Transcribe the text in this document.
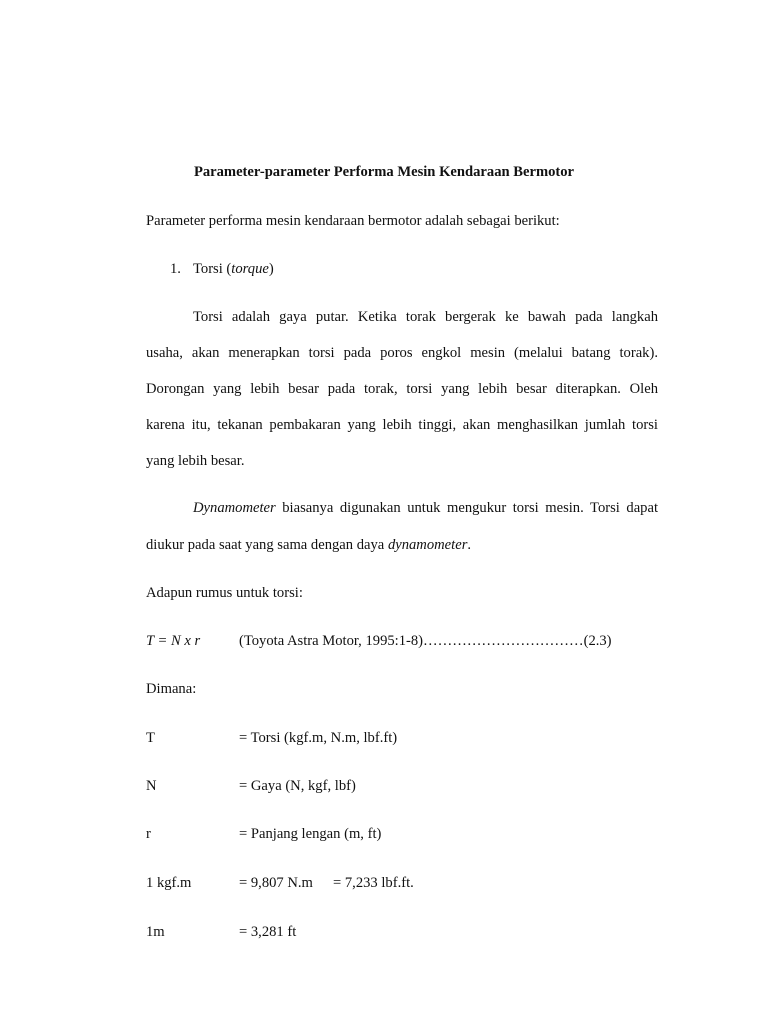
Parameter-parameter Performa Mesin Kendaraan Bermotor
Parameter performa mesin kendaraan bermotor adalah sebagai berikut:
1. Torsi (torque)
Torsi adalah gaya putar. Ketika torak bergerak ke bawah pada langkah
usaha, akan menerapkan torsi pada poros engkol mesin (melalui batang torak).
Dorongan yang lebih besar pada torak, torsi yang lebih besar diterapkan. Oleh
karena itu, tekanan pembakaran yang lebih tinggi, akan menghasilkan jumlah torsi
yang lebih besar.
Dynamometer biasanya digunakan untuk mengukur torsi mesin. Torsi dapat
diukur pada saat yang sama dengan daya dynamometer.
Adapun rumus untuk torsi:
T = N x r	(Toyota Astra Motor, 1995:1-8)……………………………(2.3)
Dimana:
T	= Torsi (kgf.m, N.m, lbf.ft)
N	= Gaya (N, kgf, lbf)
r	= Panjang lengan (m, ft)
1 kgf.m	= 9,807 N.m = 7,233 lbf.ft.
1m	= 3,281 ft
